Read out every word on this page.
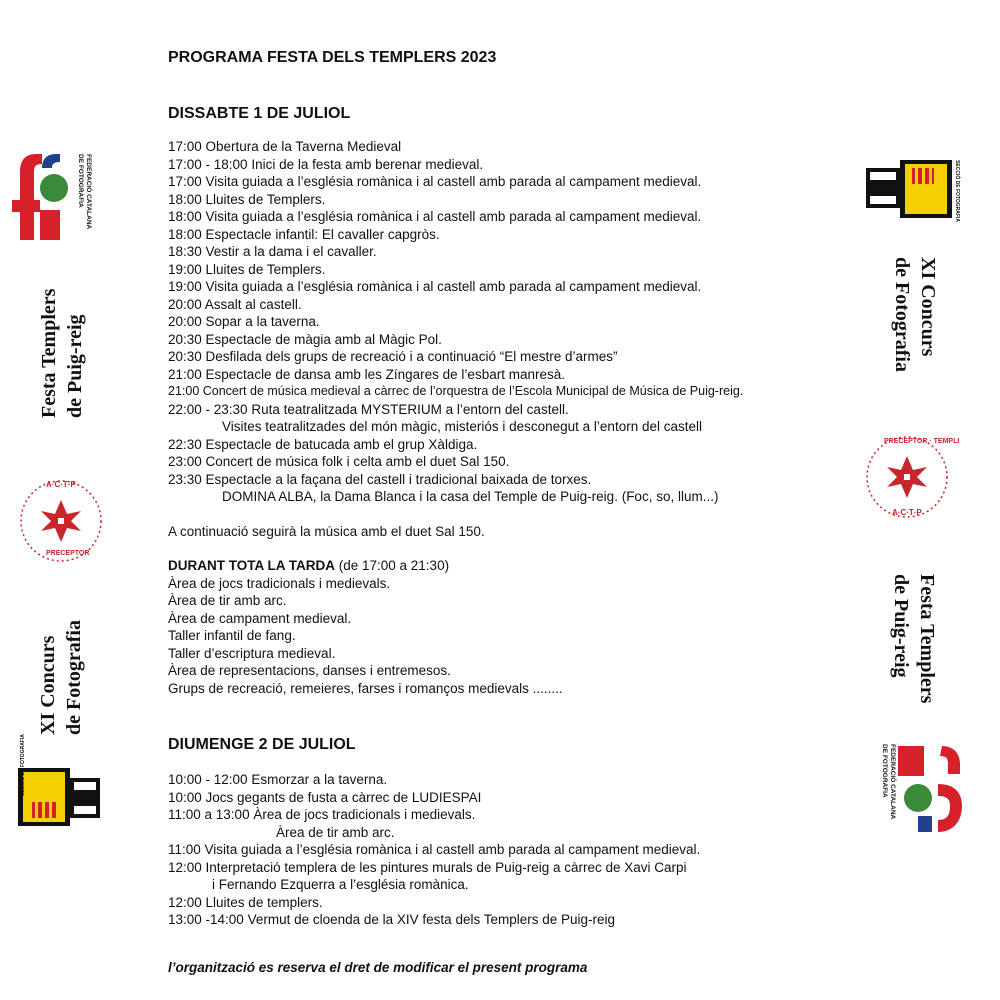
PROGRAMA FESTA DELS TEMPLERS 2023
DISSABTE 1 DE JULIOL
17:00 Obertura de la Taverna Medieval
17:00 - 18:00 Inici de la festa amb berenar medieval.
17:00 Visita guiada a l’església romànica i al castell amb parada al campament medieval.
18:00 Lluites de Templers.
18:00 Visita guiada a l’església romànica i al castell amb parada al campament medieval.
18:00 Espectacle infantil: El cavaller capgròs.
18:30 Vestir a la dama i el cavaller.
19:00 Lluites de Templers.
19:00 Visita guiada a l’església romànica i al castell amb parada al campament medieval.
20:00 Assalt al castell.
20:00 Sopar a la taverna.
20:30 Espectacle de màgia amb al Màgic Pol.
20:30 Desfilada dels grups de recreació i a continuació “El mestre d’armes”
21:00 Espectacle de dansa amb les Zíngares de l’esbart manresà.
21:00 Concert de música medieval a càrrec de l’orquestra de l’Escola Municipal de Música de Puig-reig.
22:00 - 23:30 Ruta teatralitzada MYSTERIUM a l’entorn del castell.
Visites teatralitzades del món màgic, misteriós i desconegut a l’entorn del castell
22:30 Espectacle de batucada amb el grup Xàldiga.
23:00 Concert de música folk i celta amb el duet Sal 150.
23:30 Espectacle a la façana del castell i tradicional baixada de torxes.
DOMINA ALBA, la Dama Blanca i la casa del Temple de Puig-reig. (Foc, so, llum...)

A continuació seguirà la música amb el duet Sal 150.

DURANT TOTA LA TARDA (de 17:00 a 21:30)

Àrea de jocs tradicionals i medievals.
Àrea de tir amb arc.
Àrea de campament medieval.
Taller infantil de fang.
Taller d’escriptura medieval.
Àrea de representacions, danses i entremesos.
Grups de recreació, remeieres, farses i romanços medievals ........
DIUMENGE 2 DE JULIOL
10:00 - 12:00 Esmorzar a la taverna.
10:00 Jocs gegants de fusta a càrrec de LUDIESPAI
11:00 a 13:00 Àrea de jocs tradicionals i medievals.
Àrea de tir amb arc.
11:00 Visita guiada a l’església romànica i al castell amb parada al campament medieval.
12:00 Interpretació templera de les pintures murals de Puig-reig a càrrec de Xavi Carpi
i Fernando Ezquerra a l’església romànica.
12:00 Lluites de templers.
13:00 -14:00 Vermut de cloenda de la XIV festa dels Templers de Puig-reig

l’organització es reserva el dret de modificar el present programa

FEDERACIÓ CATALANA
DE FOTOGRAFIA
Festa Templers de Puig-reig
A·C·T·P
PRECEPTOR
XI Concurs de Fotografia
SECCIÓ DE FOTOGRAFIA
SECCIÓ DE FOTOGRAFIA
XI Concurs
de Fotografia
PRECEPTOR · TEMPLI
A·C·T·P
Festa Templers
de Puig-reig
FEDERACIÓ CATALANA
DE FOTOGRAFIA
